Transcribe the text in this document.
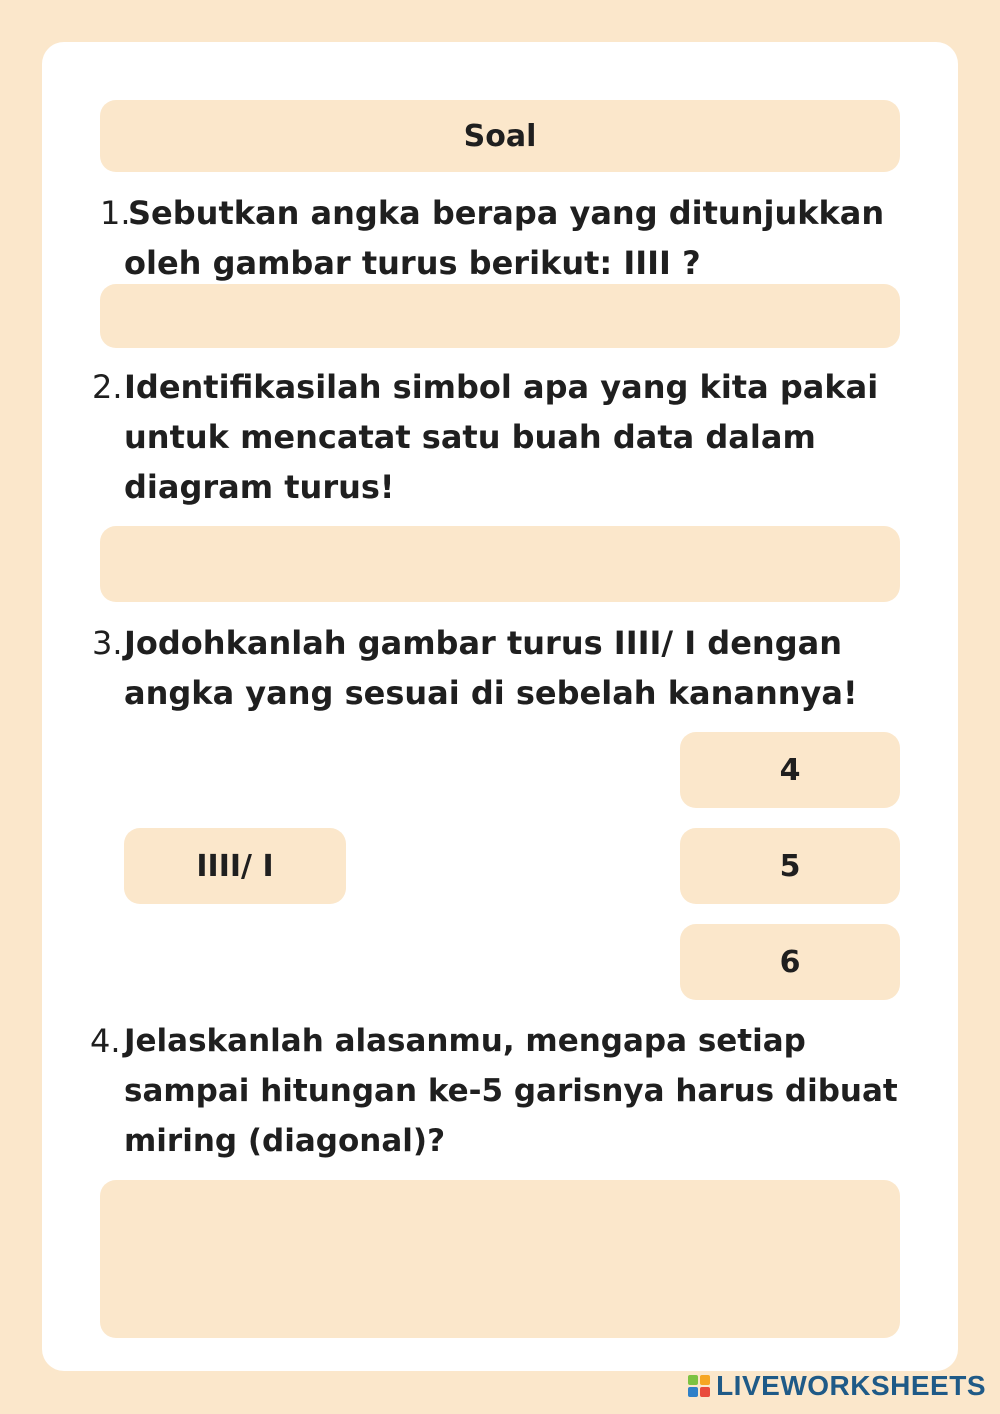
Soal
1.
Sebutkan angka berapa yang ditunjukkan
oleh gambar turus berikut: IIII ?
2. Identifikasilah simbol apa yang kita pakai
untuk mencatat satu buah data dalam
diagram turus!
3. Jodohkanlah gambar turus IIII/ I dengan
angka yang sesuai di sebelah kanannya!
IIII/ I
4
5
6
4. Jelaskanlah alasanmu, mengapa setiap
sampai hitungan ke-5 garisnya harus dibuat
miring (diagonal)?
LIVEWORKSHEETS
